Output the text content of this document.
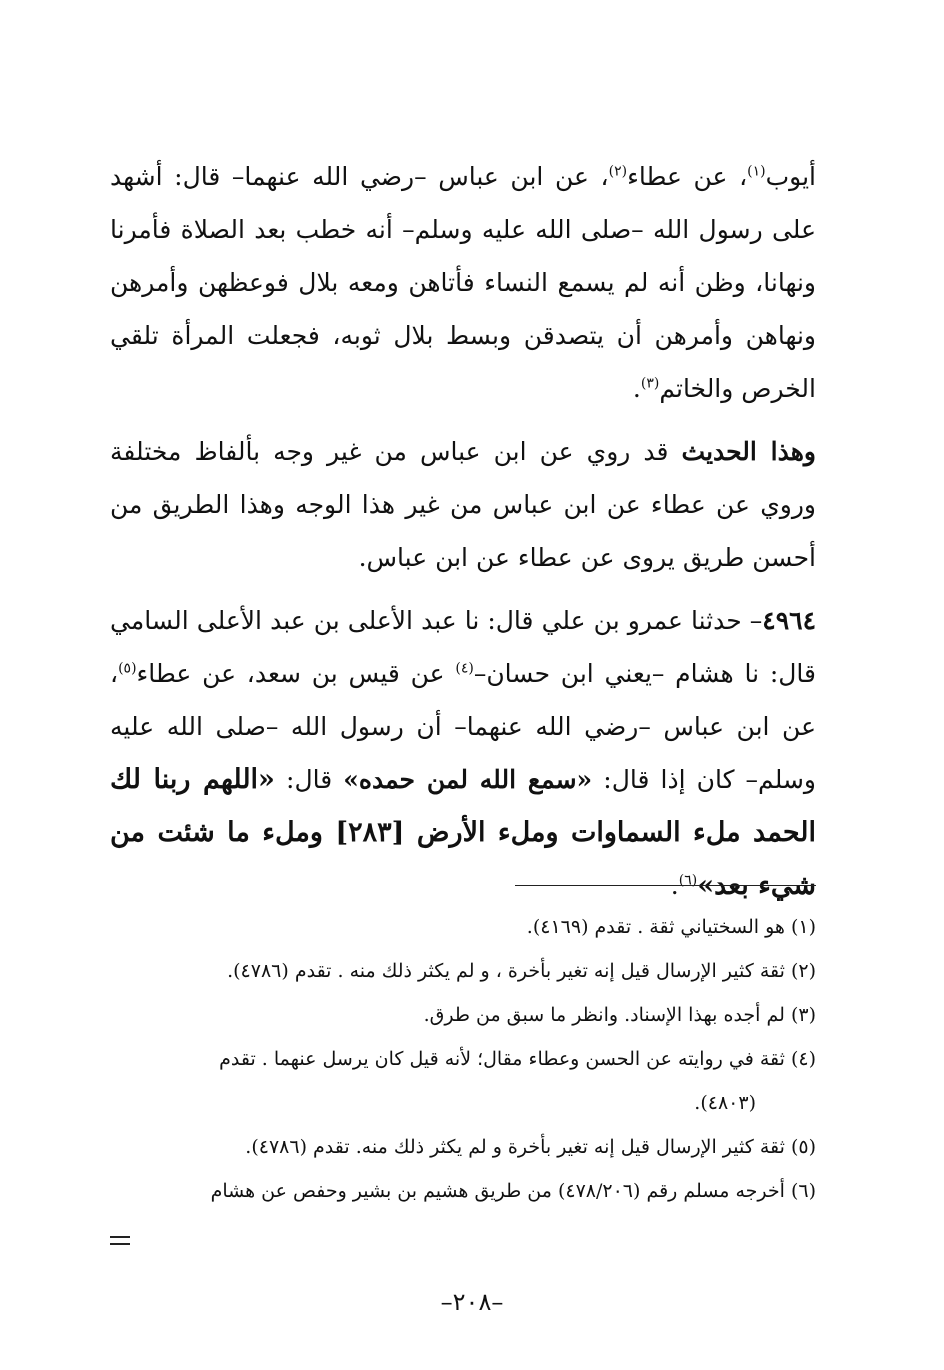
أيوب$^{(١)}$، عن عطاء$^{(٢)}$، عن ابن عباس –رضي الله عنهما– قال: أشهد على رسول الله –صلى الله عليه وسلم– أنه خطب بعد الصلاة فأمرنا ونهانا، وظن أنه لم يسمع النساء فأتاهن ومعه بلال فوعظهن وأمرهن ونهاهن وأمرهن أن يتصدقن وبسط بلال ثوبه، فجعلت المرأة تلقي الخرص والخاتم$^{(٣)}$.

وهذا الحديث قد روي عن ابن عباس من غير وجه بألفاظ مختلفة وروي عن عطاء عن ابن عباس من غير هذا الوجه وهذا الطريق من أحسن طريق يروى عن عطاء عن ابن عباس.

٤٩٦٤– حدثنا عمرو بن علي قال: نا عبد الأعلى بن عبد الأعلى السامي قال: نا هشام –يعني ابن حسان–$^{(٤)}$ عن قيس بن سعد، عن عطاء$^{(٥)}$، عن ابن عباس –رضي الله عنهما– أن رسول الله –صلى الله عليه وسلم– كان إذا قال: «سمع الله لمن حمده» قال: «اللهم ربنا لك الحمد ملء السماوات وملء الأرض [٢٨٣] وملء ما شئت من شيء بعد»$^{(٦)}$.

(١)هو السختياني ثقة . تقدم (٤١٦٩).

(٢)ثقة كثير الإرسال قيل إنه تغير بأخرة ، و لم يكثر ذلك منه . تقدم (٤٧٨٦).

(٣)لم أجده بهذا الإسناد. وانظر ما سبق من طرق.

(٤)ثقة في روايته عن الحسن وعطاء مقال؛ لأنه قيل كان يرسل عنهما . تقدم

(٤٨٠٣).

(٥)ثقة كثير الإرسال قيل إنه تغير بأخرة و لم يكثر ذلك منه. تقدم (٤٧٨٦).

(٦)أخرجه مسلم رقم (٤٧٨/٢٠٦) من طريق هشيم بن بشير وحفص عن هشام

–٢٠٨–
